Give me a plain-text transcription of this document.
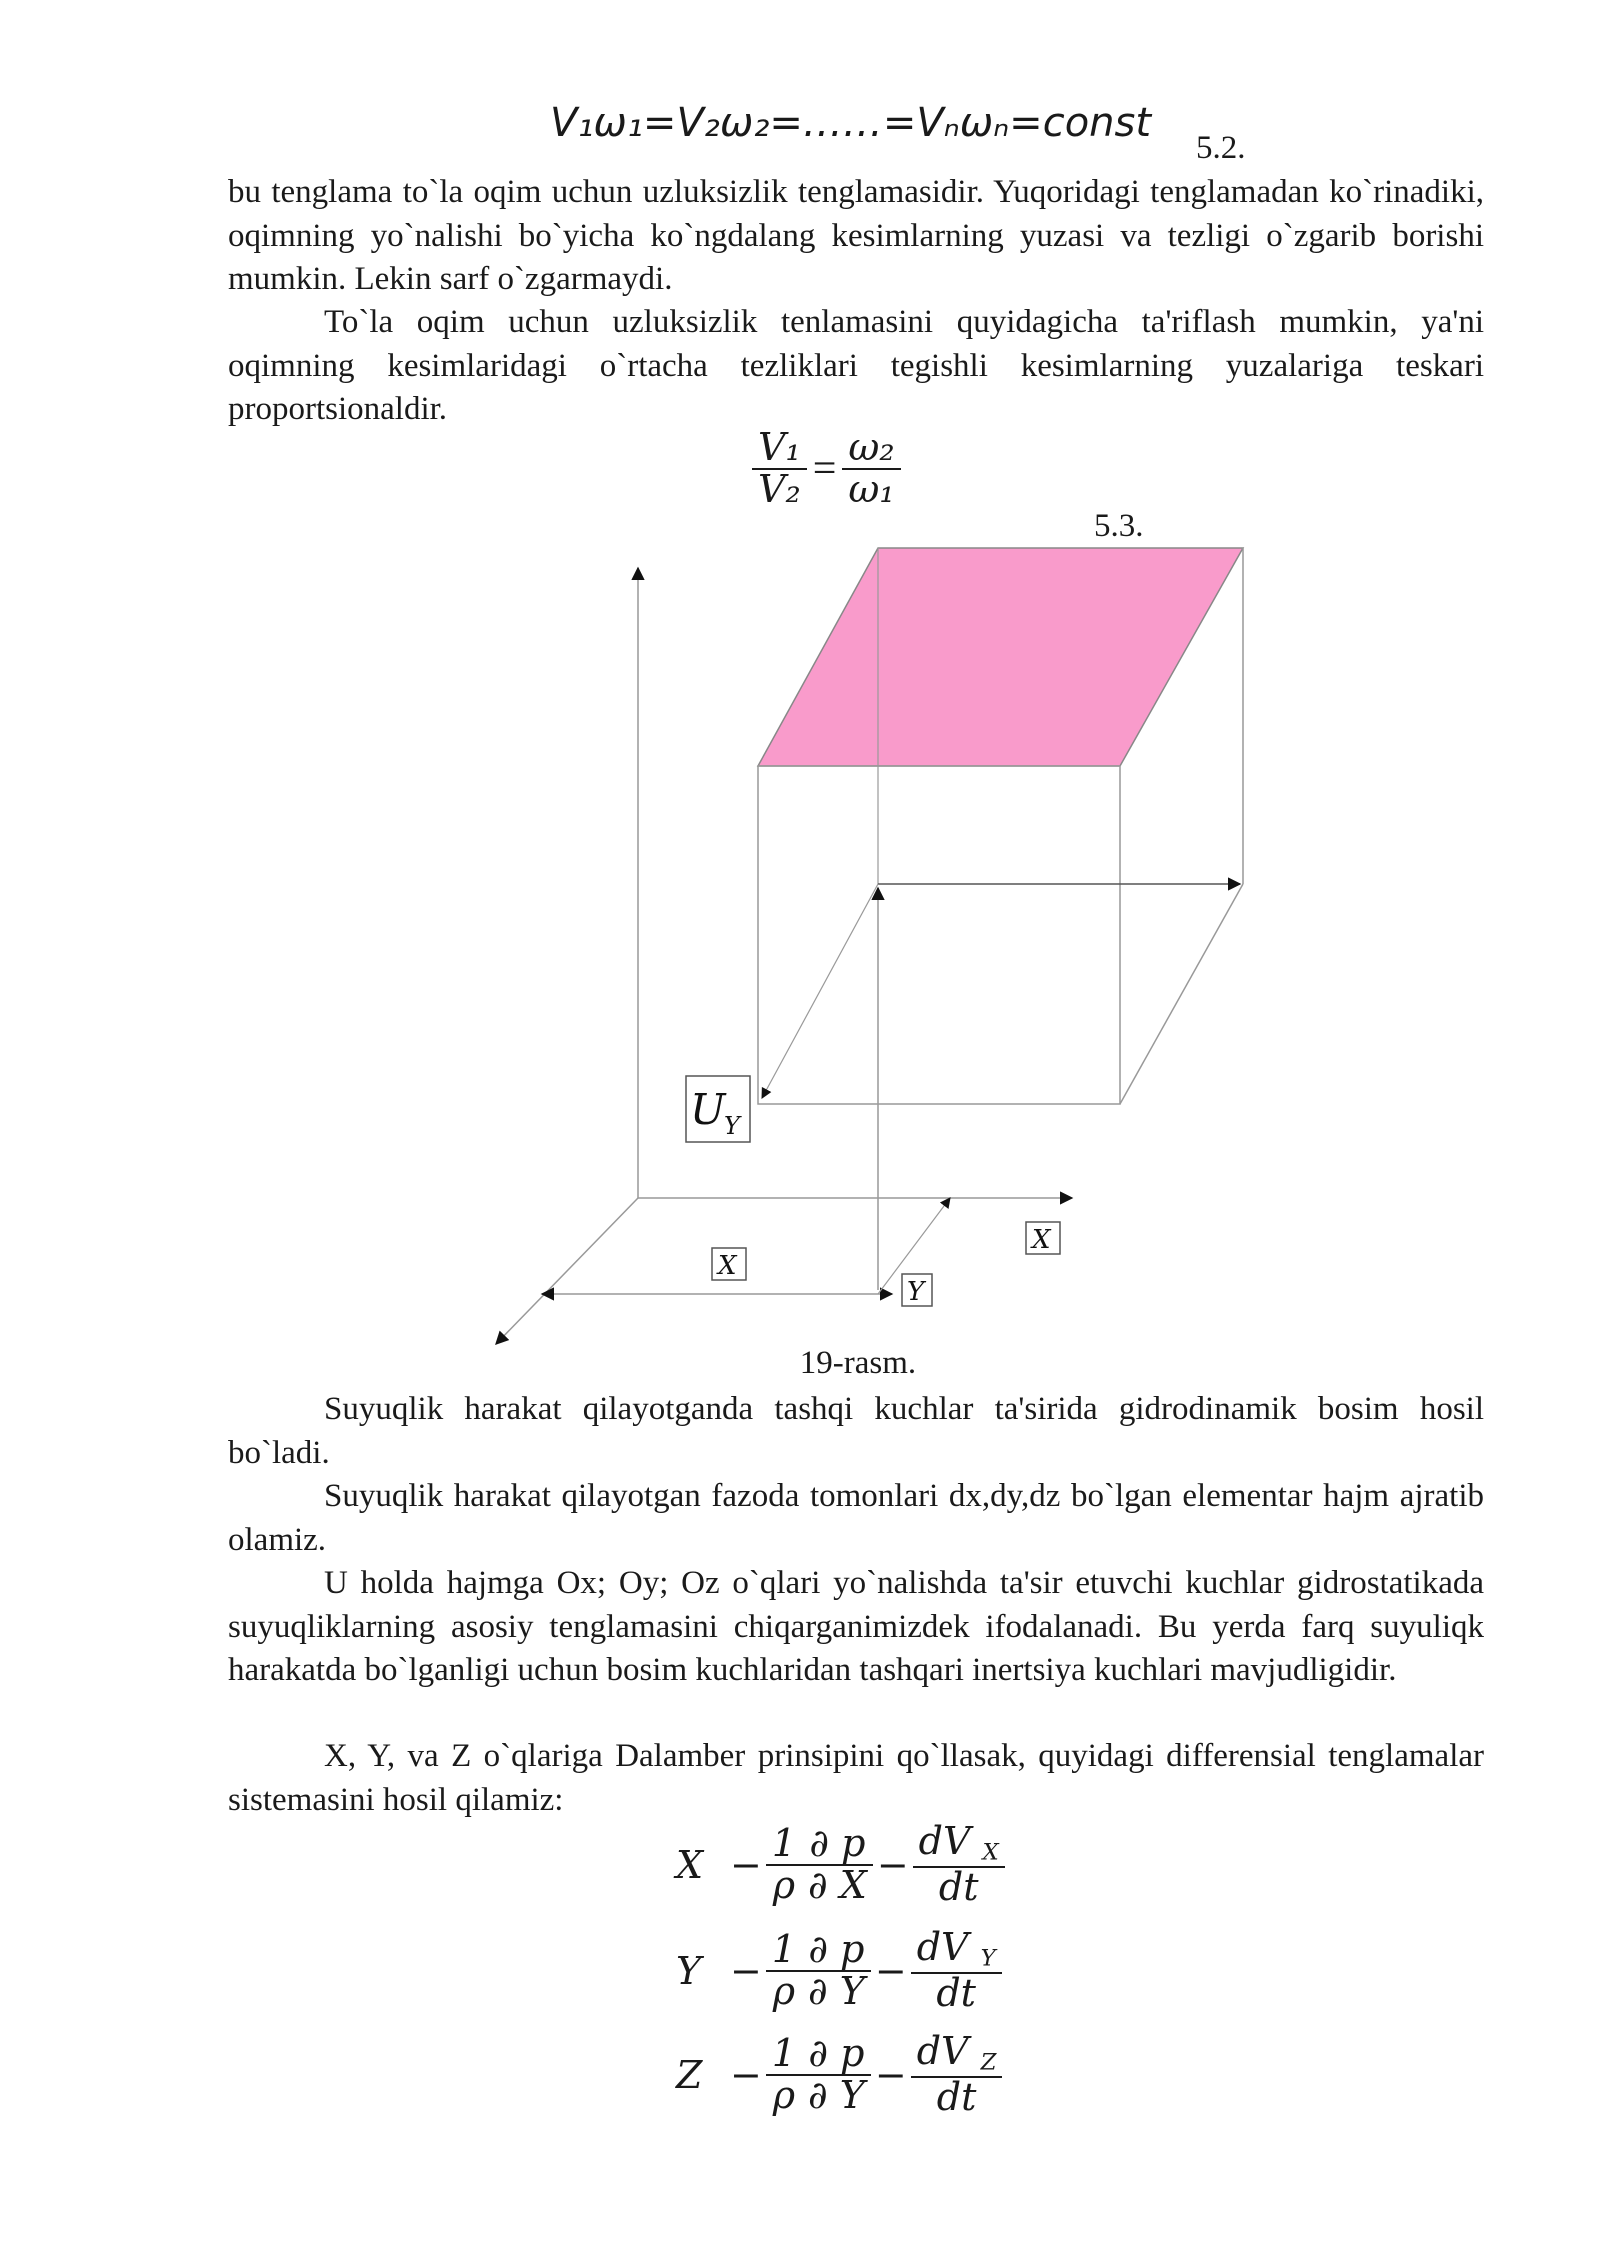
V₁ω₁=V₂ω₂=……=Vₙωₙ=const
5.2.

bu tenglama to`la oqim uchun uzluksizlik tenglamasidir. Yuqoridagi tenglamadan ko`rinadiki, oqimning yo`nalishi bo`yicha ko`ngdalang kesimlarning yuzasi va tezligi o`zgarib borishi mumkin. Lekin sarf o`zgarmaydi.

To`la oqim uchun uzluksizlik tenlamasini quyidagicha ta'riflash mumkin, ya'ni oqimning kesimlaridagi o`rtacha tezliklari tegishli kesimlarning yuzalariga teskari proportsionaldir.

$\frac{\text{V₁}}{\text{V₂}} = \frac{\text{ω₂}}{\text{ω₁}}$
5.3.
U
Y
X
X
Y
19-rasm.

Suyuqlik harakat qilayotganda tashqi kuchlar ta'sirida gidrodinamik bosim hosil bo`ladi.

Suyuqlik harakat qilayotgan fazoda tomonlari dx,dy,dz bo`lgan elementar hajm ajratib olamiz.

U holda hajmga Ox; Oy; Oz o`qlari yo`nalishda ta'sir etuvchi kuchlar gidrostatikada suyuqliklarning asosiy tenglamasini chiqarganimizdek ifodalanadi. Bu yerda farq suyuliqk harakatda bo`lganligi uchun bosim kuchlaridan tashqari inertsiya kuchlari mavjudligidir.

X, Y, va Z o`qlariga Dalamber prinsipini qo`llasak, quyidagi differensial tenglamalar sistemasini hosil qilamiz:

$X - \frac{1}{\rho} \frac{\partial p}{\partial X} - \frac{dV _X}{dt}$
$Y - \frac{1}{\rho} \frac{\partial p}{\partial Y} - \frac{dV _Y}{dt}$
$Z - \frac{1}{\rho} \frac{\partial p}{\partial Y} - \frac{dV _Z}{dt}$
